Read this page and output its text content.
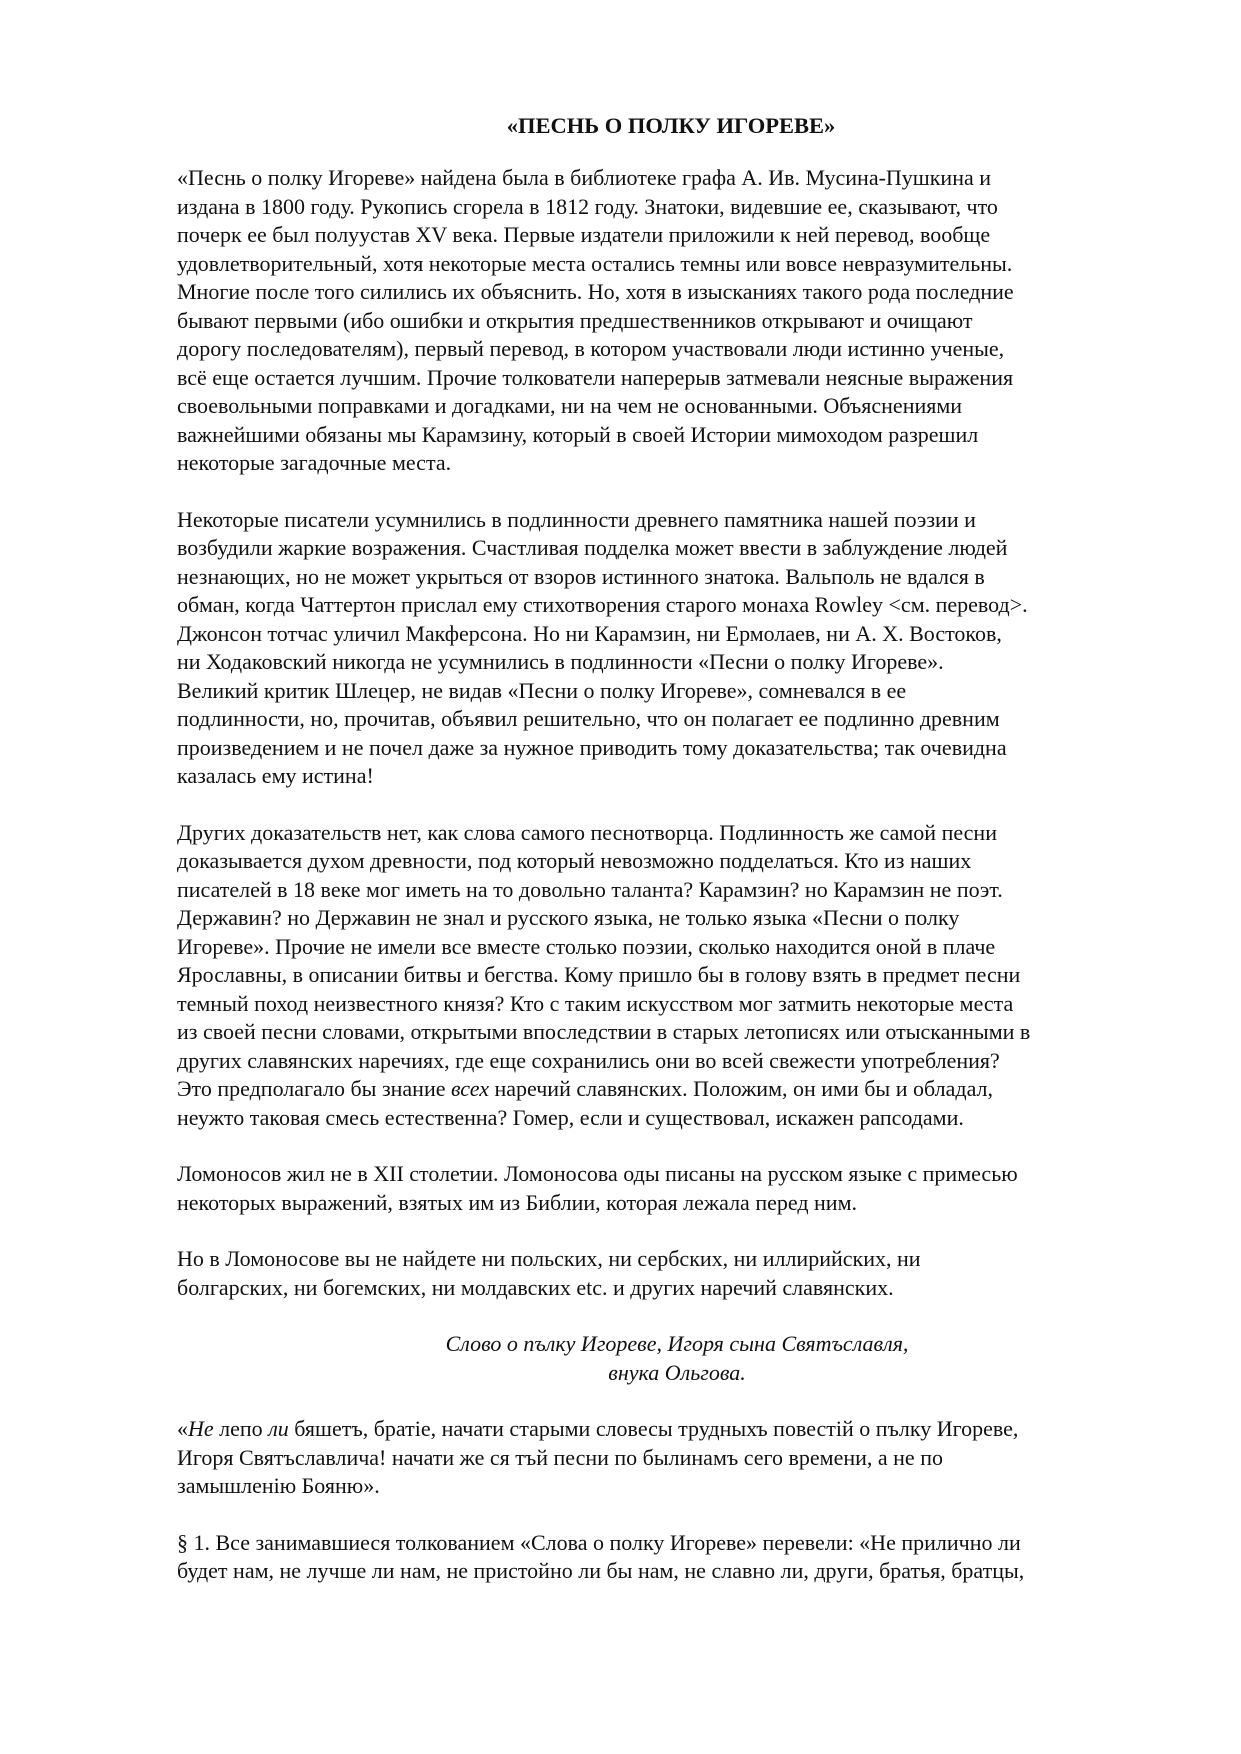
«ПЕСНЬ О ПОЛКУ ИГОРЕВЕ»
«Песнь о полку Игореве» найдена была в библиотеке графа А. Ив. Мусина-Пушкина и
издана в 1800 году. Рукопись сгорела в 1812 году. Знатоки, видевшие ее, сказывают, что
почерк ее был полуустав XV века. Первые издатели приложили к ней перевод, вообще
удовлетворительный, хотя некоторые места остались темны или вовсе невразумительны.
Многие после того силились их объяснить. Но, хотя в изысканиях такого рода последние
бывают первыми (ибо ошибки и открытия предшественников открывают и очищают
дорогу последователям), первый перевод, в котором участвовали люди истинно ученые,
всё еще остается лучшим. Прочие толкователи наперерыв затмевали неясные выражения
своевольными поправками и догадками, ни на чем не основанными. Объяснениями
важнейшими обязаны мы Карамзину, который в своей Истории мимоходом разрешил
некоторые загадочные места.
Некоторые писатели усумнились в подлинности древнего памятника нашей поэзии и
возбудили жаркие возражения. Счастливая подделка может ввести в заблуждение людей
незнающих, но не может укрыться от взоров истинного знатока. Вальполь не вдался в
обман, когда Чаттертон прислал ему стихотворения старого монаха Rowley <см. перевод>.
Джонсон тотчас уличил Макферсона. Но ни Карамзин, ни Ермолаев, ни А. Х. Востоков,
ни Ходаковский никогда не усумнились в подлинности «Песни о полку Игореве».
Великий критик Шлецер, не видав «Песни о полку Игореве», сомневался в ее
подлинности, но, прочитав, объявил решительно, что он полагает ее подлинно древним
произведением и не почел даже за нужное приводить тому доказательства; так очевидна
казалась ему истина!
Других доказательств нет, как слова самого песнотворца. Подлинность же самой песни
доказывается духом древности, под который невозможно подделаться. Кто из наших
писателей в 18 веке мог иметь на то довольно таланта? Карамзин? но Карамзин не поэт.
Державин? но Державин не знал и русского языка, не только языка «Песни о полку
Игореве». Прочие не имели все вместе столько поэзии, сколько находится оной в плаче
Ярославны, в описании битвы и бегства. Кому пришло бы в голову взять в предмет песни
темный поход неизвестного князя? Кто с таким искусством мог затмить некоторые места
из своей песни словами, открытыми впоследствии в старых летописях или отысканными в
других славянских наречиях, где еще сохранились они во всей свежести употребления?
Это предполагало бы знание всех наречий славянских. Положим, он ими бы и обладал,
неужто таковая смесь естественна? Гомер, если и существовал, искажен рапсодами.
Ломоносов жил не в XII столетии. Ломоносова оды писаны на русском языке с примесью
некоторых выражений, взятых им из Библии, которая лежала перед ним.
Но в Ломоносове вы не найдете ни польских, ни сербских, ни иллирийских, ни
болгарских, ни богемских, ни молдавских etc. и других наречий славянских.
Слово о пълку Игореве, Игоря сына Святъславля,
внука Ольгова.
«Не лепо ли бяшетъ, братіе, начати старыми словесы трудныхъ повестій о пълку Игореве,
Игоря Святъславлича! начати же ся тъй песни по былинамъ сего времени, а не по
замышленію Бояню».
§ 1. Все занимавшиеся толкованием «Слова о полку Игореве» перевели: «Не прилично ли
будет нам, не лучше ли нам, не пристойно ли бы нам, не славно ли, други, братья, братцы,
